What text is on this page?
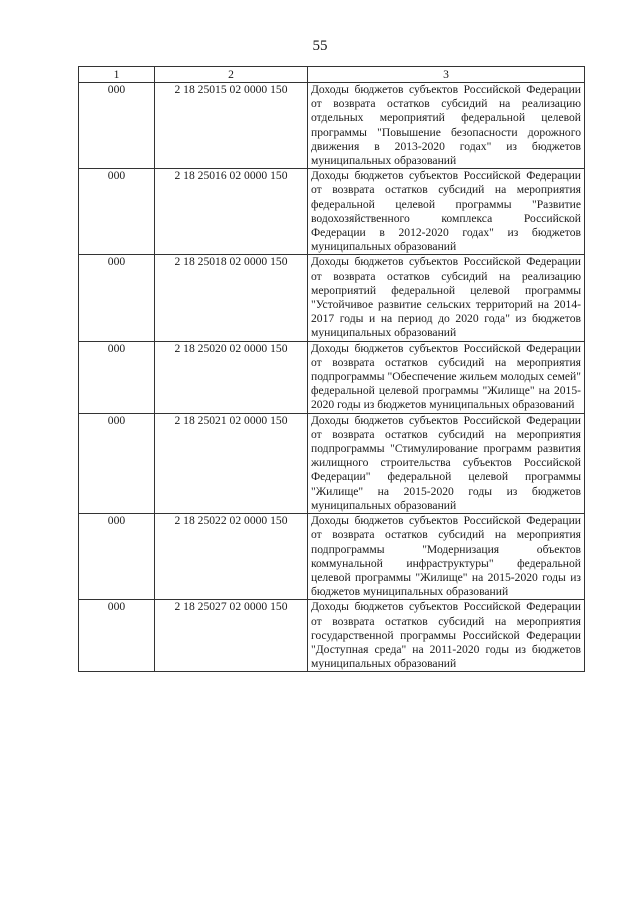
55
1	2	3
000	2 18 25015 02 0000 150	Доходы бюджетов субъектов Российской Федерации от возврата остатков субсидий на реализацию отдельных мероприятий федеральной целевой программы "Повышение безопасности дорожного движения в 2013-2020 годах" из бюджетов муниципальных образований
000	2 18 25016 02 0000 150	Доходы бюджетов субъектов Российской Федерации от возврата остатков субсидий на мероприятия федеральной целевой программы "Развитие водохозяйственного комплекса Российской Федерации в 2012-2020 годах" из бюджетов муниципальных образований
000	2 18 25018 02 0000 150	Доходы бюджетов субъектов Российской Федерации от возврата остатков субсидий на реализацию мероприятий федеральной целевой программы "Устойчивое развитие сельских территорий на 2014-2017 годы и на период до 2020 года" из бюджетов муниципальных образований
000	2 18 25020 02 0000 150	Доходы бюджетов субъектов Российской Федерации от возврата остатков субсидий на мероприятия подпрограммы "Обеспечение жильем молодых семей" федеральной целевой программы "Жилище" на 2015-2020 годы из бюджетов муниципальных образований
000	2 18 25021 02 0000 150	Доходы бюджетов субъектов Российской Федерации от возврата остатков субсидий на мероприятия подпрограммы "Стимулирование программ развития жилищного строительства субъектов Российской Федерации" федеральной целевой программы "Жилище" на 2015-2020 годы из бюджетов муниципальных образований
000	2 18 25022 02 0000 150	Доходы бюджетов субъектов Российской Федерации от возврата остатков субсидий на мероприятия подпрограммы "Модернизация объектов коммунальной инфраструктуры" федеральной целевой программы "Жилище" на 2015-2020 годы из бюджетов муниципальных образований
000	2 18 25027 02 0000 150	Доходы бюджетов субъектов Российской Федерации от возврата остатков субсидий на мероприятия государственной программы Российской Федерации "Доступная среда" на 2011-2020 годы из бюджетов муниципальных образований
